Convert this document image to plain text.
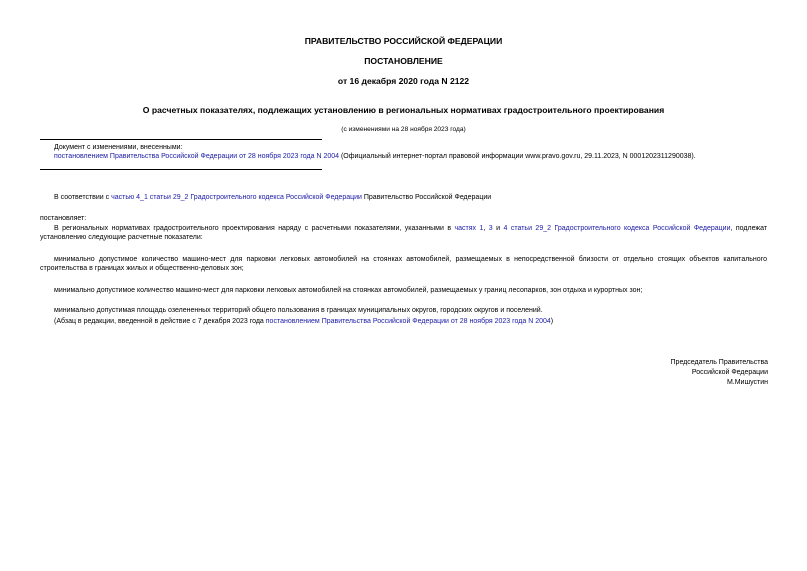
ПРАВИТЕЛЬСТВО РОССИЙСКОЙ ФЕДЕРАЦИИ
ПОСТАНОВЛЕНИЕ
от 16 декабря 2020 года N 2122
О расчетных показателях, подлежащих установлению в региональных нормативах градостроительного проектирования
(с изменениями на 28 ноября 2023 года)
Документ с изменениями, внесенными:
постановлением Правительства Российской Федерации от 28 ноября 2023 года N 2004 (Официальный интернет-портал правовой информации www.pravo.gov.ru, 29.11.2023, N 0001202311290038).
В соответствии с частью 4_1 статьи 29_2 Градостроительного кодекса Российской Федерации Правительство Российской Федерации
постановляет:
В региональных нормативах градостроительного проектирования наряду с расчетными показателями, указанными в частях 1, 3 и 4 статьи 29_2 Градостроительного кодекса Российской Федерации, подлежат установлению следующие расчетные показатели:
минимально допустимое количество машино-мест для парковки легковых автомобилей на стоянках автомобилей, размещаемых в непосредственной близости от отдельно стоящих объектов капитального строительства в границах жилых и общественно-деловых зон;
минимально допустимое количество машино-мест для парковки легковых автомобилей на стоянках автомобилей, размещаемых у границ лесопарков, зон отдыха и курортных зон;
минимально допустимая площадь озелененных территорий общего пользования в границах муниципальных округов, городских округов и поселений.
(Абзац в редакции, введенной в действие с 7 декабря 2023 года постановлением Правительства Российской Федерации от 28 ноября 2023 года N 2004)
Председатель Правительства
Российской Федерации
М.Мишустин
